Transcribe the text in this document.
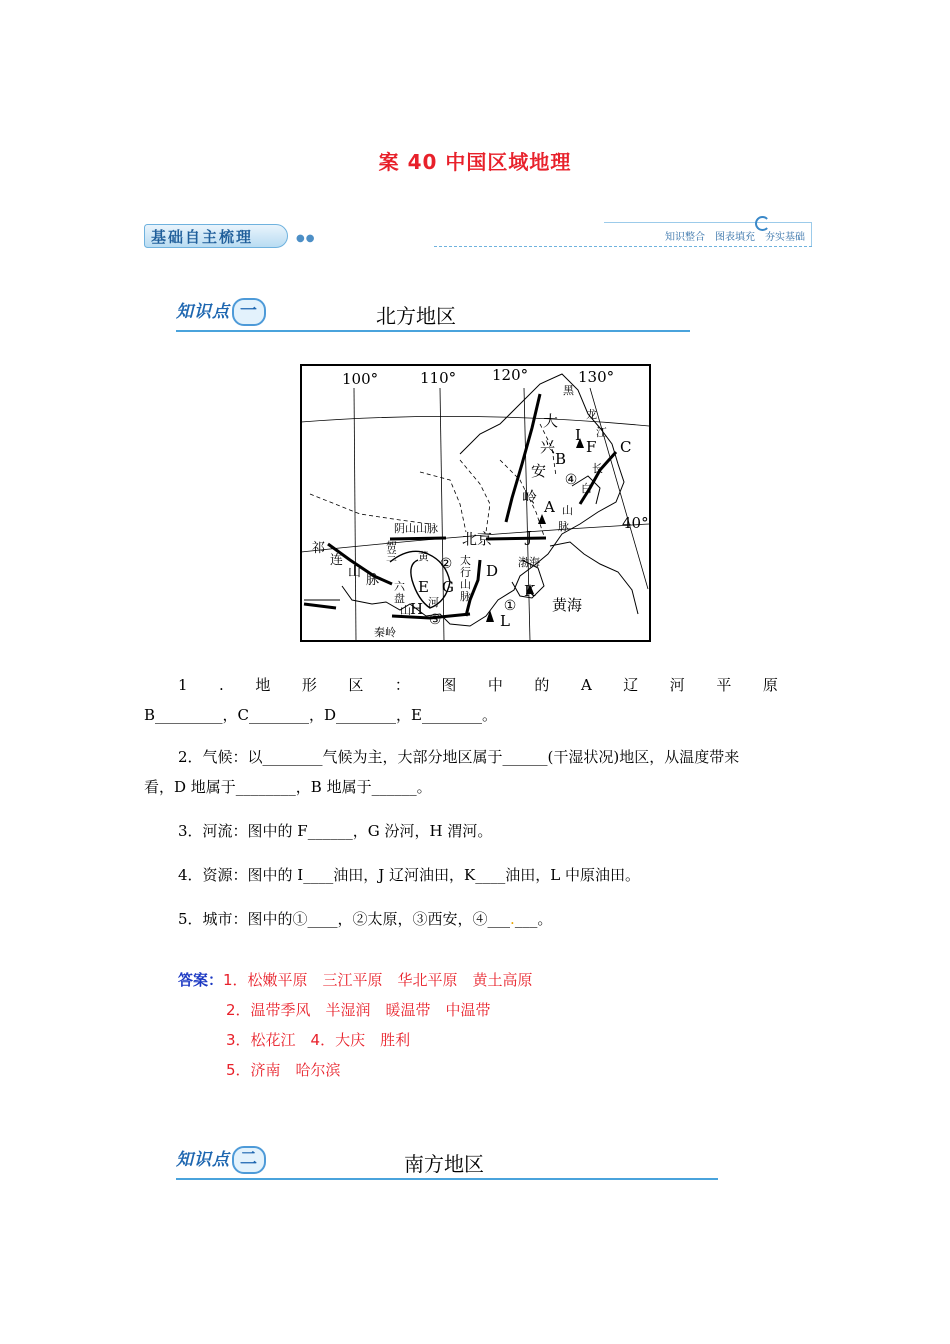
案 40 中国区域地理
基础自主梳理	●●	知识整合　图表填充　夯实基础
知识点 一	北方地区
④
②
③
①
100°	110° 120°	130°
40°
A
B
C
D
E
F
G
H
I
J
K
L
大
兴
安
岭
北京
黄海
黑
龙
江
长
白
山
脉
阴山山脉
渤海
黄
河
太
行
山
脉
贺
兰
六
盘
山
秦岭
祁
连
山
脉
1 . 地 形 区 ： 图 中 的 A 辽 河 平 原
B_________，C________，D________，E________。
2．气候：以________气候为主，大部分地区属于______(干湿状况)地区，从温度带来
看，D 地属于________，B 地属于______。
3．河流：图中的 F______，G 汾河，H 渭河。
4．资源：图中的 I____油田，J 辽河油田，K____油田，L 中原油田。
5．城市：图中的①____，②太原，③西安，④___.___。
答案：1．松嫩平原　三江平原　华北平原　黄土高原
2．温带季风　半湿润　暖温带　中温带
3．松花江　4．大庆　胜利
5．济南　哈尔滨
知识点 二	南方地区
